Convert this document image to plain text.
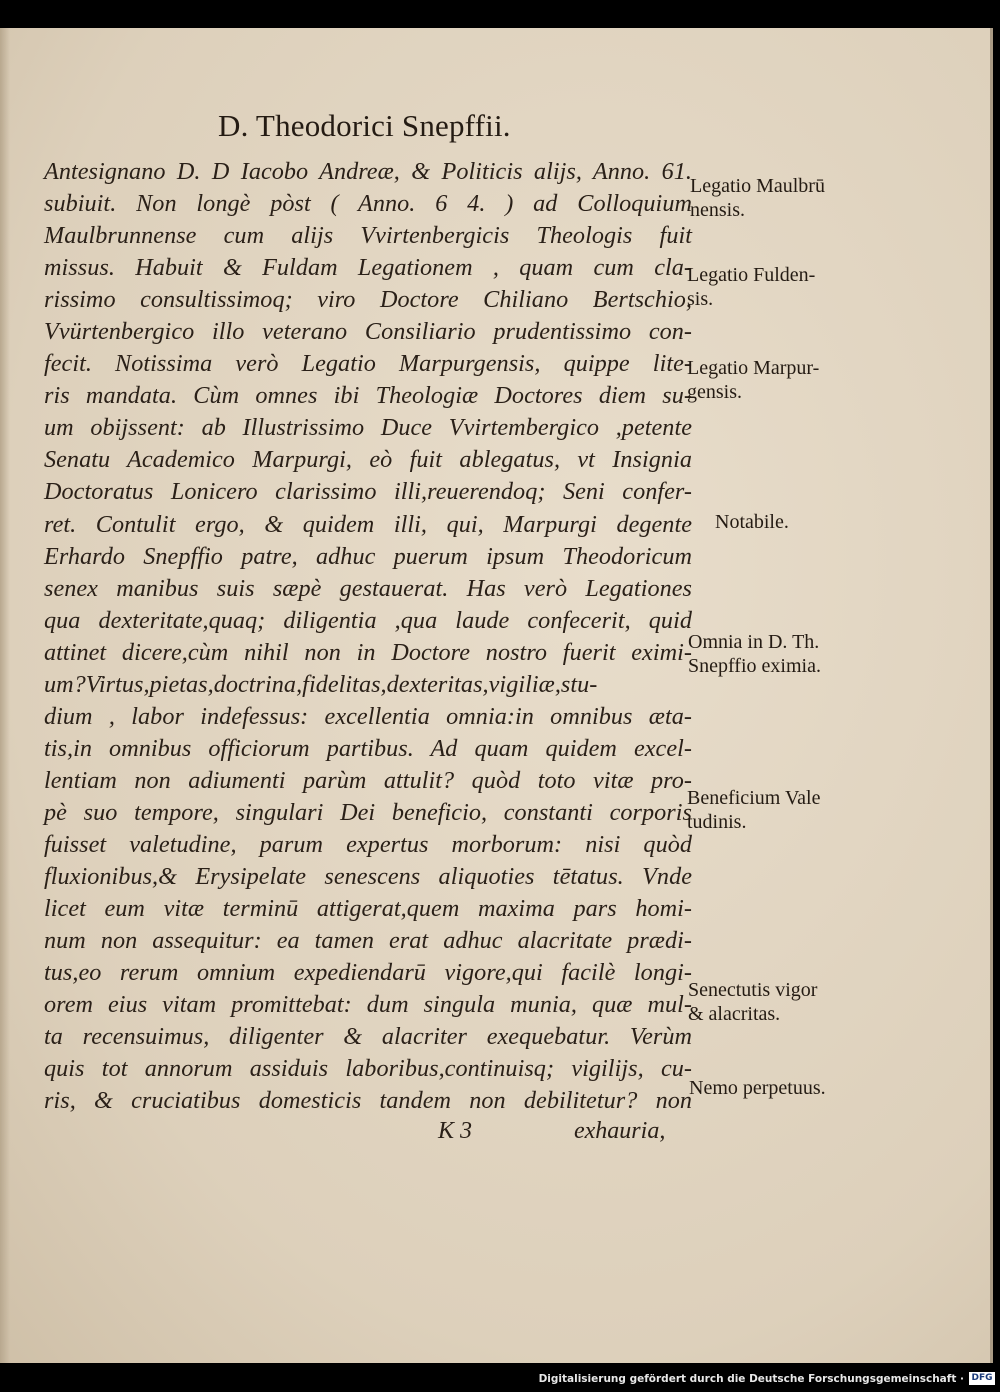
D. Theodorici Snepffii.
Antesignano D. D Iacobo Andreæ, & Politicis alijs, Anno. 61.
subiuit. Non longè pòst ( Anno. 6 4. ) ad Colloquium
Maulbrunnense cum alijs Vvirtenbergicis Theologis fuit
missus. Habuit & Fuldam Legationem , quam cum cla-
rissimo consultissimoq; viro Doctore Chiliano Bertschio,
Vvürtenbergico illo veterano Consiliario prudentissimo con-
fecit. Notissima verò Legatio Marpurgensis, quippe lite-
ris mandata. Cùm omnes ibi Theologiæ Doctores diem su-
um obijssent: ab Illustrissimo Duce Vvirtembergico ,petente
Senatu Academico Marpurgi, eò fuit ablegatus, vt Insignia
Doctoratus Lonicero clarissimo illi,reuerendoq; Seni confer-
ret. Contulit ergo, & quidem illi, qui, Marpurgi degente
Erhardo Snepffio patre, adhuc puerum ipsum Theodoricum
senex manibus suis sæpè gestauerat. Has verò Legationes
qua dexteritate,quaq; diligentia ,qua laude confecerit, quid
attinet dicere,cùm nihil non in Doctore nostro fuerit eximi-
um?Virtus,pietas,doctrina,fidelitas,dexteritas,vigiliæ,stu-
dium , labor indefessus: excellentia omnia:in omnibus æta-
tis,in omnibus officiorum partibus. Ad quam quidem excel-
lentiam non adiumenti parùm attulit? quòd toto vitæ pro-
pè suo tempore, singulari Dei beneficio, constanti corporis
fuisset valetudine, parum expertus morborum: nisi quòd
fluxionibus,& Erysipelate senescens aliquoties tētatus. Vnde
licet eum vitæ terminū attigerat,quem maxima pars homi-
num non assequitur: ea tamen erat adhuc alacritate prædi-
tus,eo rerum omnium expediendarū vigore,qui facilè longi-
orem eius vitam promittebat: dum singula munia, quæ mul-
ta recensuimus, diligenter & alacriter exequebatur. Verùm
quis tot annorum assiduis laboribus,continuisq; vigilijs, cu-
ris, & cruciatibus domesticis tandem non debilitetur? non
Legatio Maulbrū
nensis.
Legatio Fulden-
sis.
Legatio Marpur-
gensis.
Notabile.
Omnia in D. Th.
Snepffio eximia.
Beneficium Vale
tudinis.
Senectutis vigor
& alacritas.
Nemo perpetuus.
K 3	exhauria,
Digitalisierung gefördert durch die Deutsche Forschungsgemeinschaft · DFG
